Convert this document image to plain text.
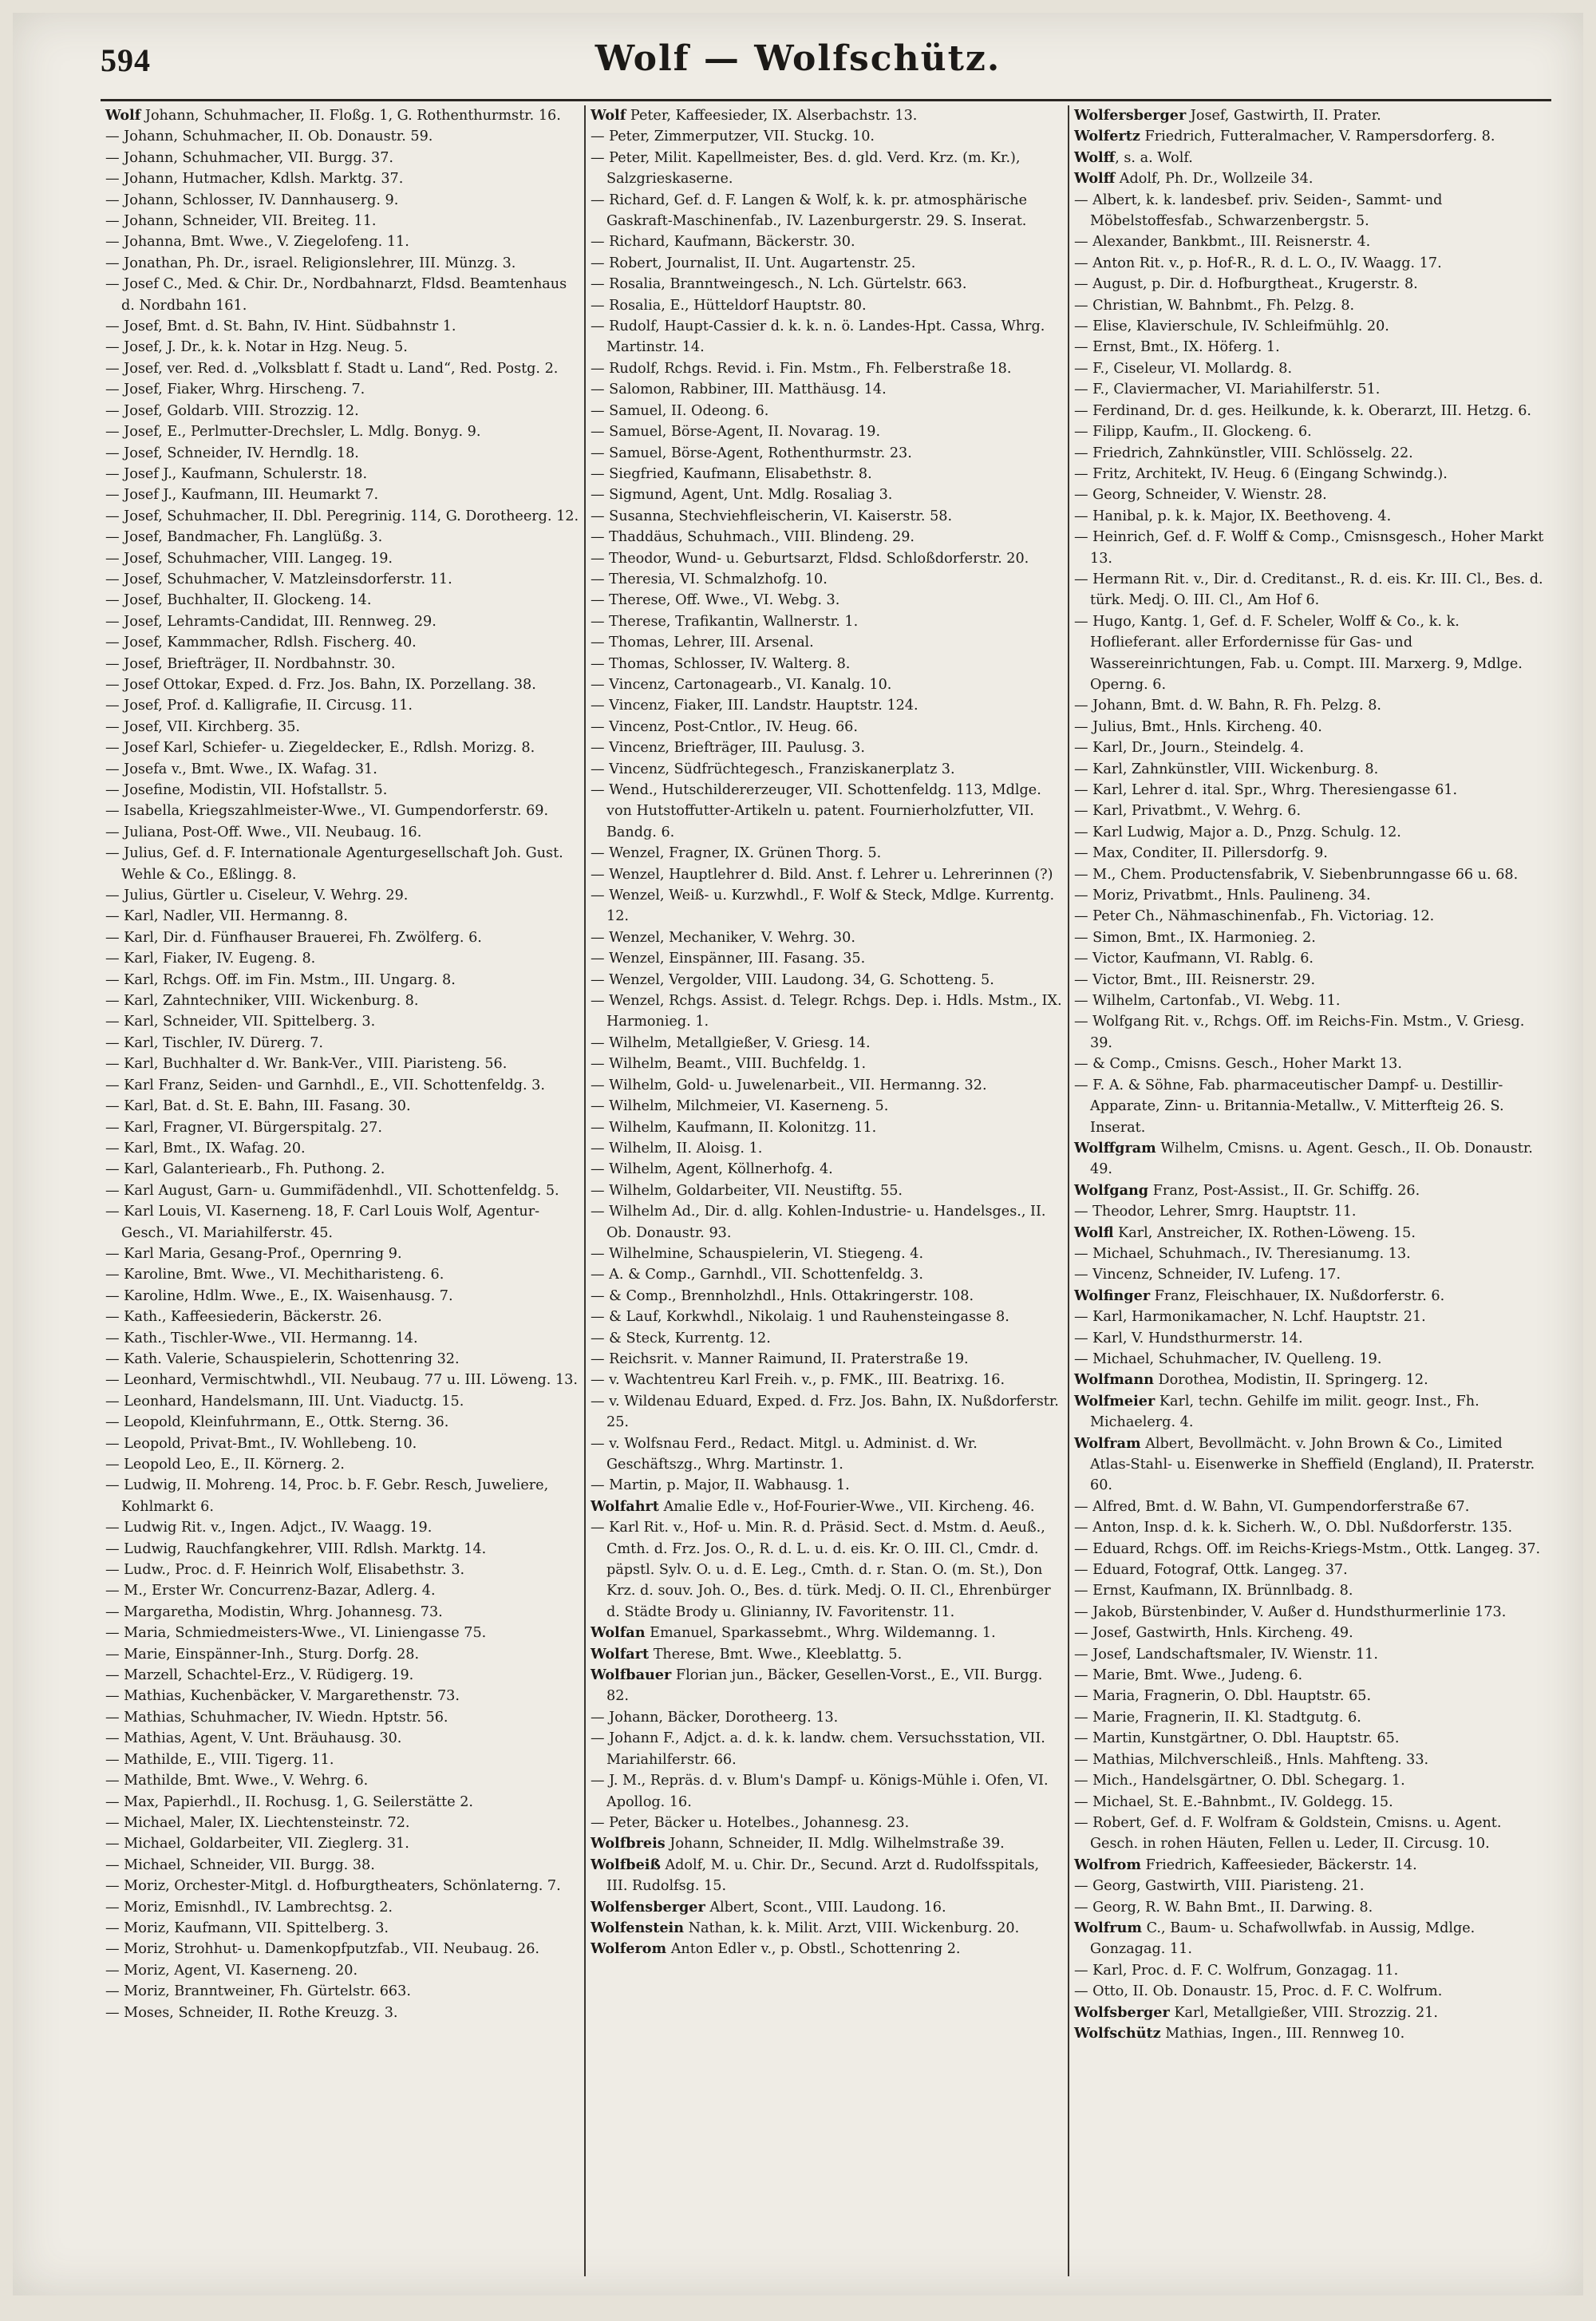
594	Wolf — Wolfschütz.
Wolf Johann, Schuhmacher, II. Floßg. 1, G. Rothenthurmstr. 16.
— Johann, Schuhmacher, II. Ob. Donaustr. 59.
— Johann, Schuhmacher, VII. Burgg. 37.
— Johann, Hutmacher, Kdlsh. Marktg. 37.
— Johann, Schlosser, IV. Dannhauserg. 9.
— Johann, Schneider, VII. Breiteg. 11.
— Johanna, Bmt. Wwe., V. Ziegelofeng. 11.
— Jonathan, Ph. Dr., israel. Religionslehrer, III. Münzg. 3.
— Josef C., Med. & Chir. Dr., Nordbahnarzt, Fldsd. Beamtenhaus d. Nordbahn 161.
— Josef, Bmt. d. St. Bahn, IV. Hint. Südbahnstr 1.
— Josef, J. Dr., k. k. Notar in Hzg. Neug. 5.
— Josef, ver. Red. d. „Volksblatt f. Stadt u. Land“, Red. Postg. 2.
— Josef, Fiaker, Whrg. Hirscheng. 7.
— Josef, Goldarb. VIII. Strozzig. 12.
— Josef, E., Perlmutter-Drechsler, L. Mdlg. Bonyg. 9.
— Josef, Schneider, IV. Herndlg. 18.
— Josef J., Kaufmann, Schulerstr. 18.
— Josef J., Kaufmann, III. Heumarkt 7.
— Josef, Schuhmacher, II. Dbl. Peregrinig. 114, G. Dorotheerg. 12.
— Josef, Bandmacher, Fh. Langlüßg. 3.
— Josef, Schuhmacher, VIII. Langeg. 19.
— Josef, Schuhmacher, V. Matzleinsdorferstr. 11.
— Josef, Buchhalter, II. Glockeng. 14.
— Josef, Lehramts-Candidat, III. Rennweg. 29.
— Josef, Kammmacher, Rdlsh. Fischerg. 40.
— Josef, Briefträger, II. Nordbahnstr. 30.
— Josef Ottokar, Exped. d. Frz. Jos. Bahn, IX. Porzellang. 38.
— Josef, Prof. d. Kalligrafie, II. Circusg. 11.
— Josef, VII. Kirchberg. 35.
— Josef Karl, Schiefer- u. Ziegeldecker, E., Rdlsh. Morizg. 8.
— Josefa v., Bmt. Wwe., IX. Wafag. 31.
— Josefine, Modistin, VII. Hofstallstr. 5.
— Isabella, Kriegszahlmeister-Wwe., VI. Gumpendorferstr. 69.
— Juliana, Post-Off. Wwe., VII. Neubaug. 16.
— Julius, Gef. d. F. Internationale Agenturgesellschaft Joh. Gust. Wehle & Co., Eßlingg. 8.
— Julius, Gürtler u. Ciseleur, V. Wehrg. 29.
— Karl, Nadler, VII. Hermanng. 8.
— Karl, Dir. d. Fünfhauser Brauerei, Fh. Zwölferg. 6.
— Karl, Fiaker, IV. Eugeng. 8.
— Karl, Rchgs. Off. im Fin. Mstm., III. Ungarg. 8.
— Karl, Zahntechniker, VIII. Wickenburg. 8.
— Karl, Schneider, VII. Spittelberg. 3.
— Karl, Tischler, IV. Dürerg. 7.
— Karl, Buchhalter d. Wr. Bank-Ver., VIII. Piaristeng. 56.
— Karl Franz, Seiden- und Garnhdl., E., VII. Schottenfeldg. 3.
— Karl, Bat. d. St. E. Bahn, III. Fasang. 30.
— Karl, Fragner, VI. Bürgerspitalg. 27.
— Karl, Bmt., IX. Wafag. 20.
— Karl, Galanteriearb., Fh. Puthong. 2.
— Karl August, Garn- u. Gummifädenhdl., VII. Schottenfeldg. 5.
— Karl Louis, VI. Kaserneng. 18, F. Carl Louis Wolf, Agentur-Gesch., VI. Mariahilferstr. 45.
— Karl Maria, Gesang-Prof., Opernring 9.
— Karoline, Bmt. Wwe., VI. Mechitharisteng. 6.
— Karoline, Hdlm. Wwe., E., IX. Waisenhausg. 7.
— Kath., Kaffeesiederin, Bäckerstr. 26.
— Kath., Tischler-Wwe., VII. Hermanng. 14.
— Kath. Valerie, Schauspielerin, Schottenring 32.
— Leonhard, Vermischtwhdl., VII. Neubaug. 77 u. III. Löweng. 13.
— Leonhard, Handelsmann, III. Unt. Viaductg. 15.
— Leopold, Kleinfuhrmann, E., Ottk. Sterng. 36.
— Leopold, Privat-Bmt., IV. Wohllebeng. 10.
— Leopold Leo, E., II. Körnerg. 2.
— Ludwig, II. Mohreng. 14, Proc. b. F. Gebr. Resch, Juweliere, Kohlmarkt 6.
— Ludwig Rit. v., Ingen. Adjct., IV. Waagg. 19.
— Ludwig, Rauchfangkehrer, VIII. Rdlsh. Marktg. 14.
— Ludw., Proc. d. F. Heinrich Wolf, Elisabethstr. 3.
— M., Erster Wr. Concurrenz-Bazar, Adlerg. 4.
— Margaretha, Modistin, Whrg. Johannesg. 73.
— Maria, Schmiedmeisters-Wwe., VI. Liniengasse 75.
— Marie, Einspänner-Inh., Sturg. Dorfg. 28.
— Marzell, Schachtel-Erz., V. Rüdigerg. 19.
— Mathias, Kuchenbäcker, V. Margarethenstr. 73.
— Mathias, Schuhmacher, IV. Wiedn. Hptstr. 56.
— Mathias, Agent, V. Unt. Bräuhausg. 30.
— Mathilde, E., VIII. Tigerg. 11.
— Mathilde, Bmt. Wwe., V. Wehrg. 6.
— Max, Papierhdl., II. Rochusg. 1, G. Seilerstätte 2.
— Michael, Maler, IX. Liechtensteinstr. 72.
— Michael, Goldarbeiter, VII. Zieglerg. 31.
— Michael, Schneider, VII. Burgg. 38.
— Moriz, Orchester-Mitgl. d. Hofburgtheaters, Schönlaterng. 7.
— Moriz, Emisnhdl., IV. Lambrechtsg. 2.
— Moriz, Kaufmann, VII. Spittelberg. 3.
— Moriz, Strohhut- u. Damenkopfputzfab., VII. Neubaug. 26.
— Moriz, Agent, VI. Kaserneng. 20.
— Moriz, Branntweiner, Fh. Gürtelstr. 663.
— Moses, Schneider, II. Rothe Kreuzg. 3.
Wolf Peter, Kaffeesieder, IX. Alserbachstr. 13.
— Peter, Zimmerputzer, VII. Stuckg. 10.
— Peter, Milit. Kapellmeister, Bes. d. gld. Verd. Krz. (m. Kr.), Salzgrieskaserne.
— Richard, Gef. d. F. Langen & Wolf, k. k. pr. atmosphärische Gaskraft-Maschinenfab., IV. Lazenburgerstr. 29. S. Inserat.
— Richard, Kaufmann, Bäckerstr. 30.
— Robert, Journalist, II. Unt. Augartenstr. 25.
— Rosalia, Branntweingesch., N. Lch. Gürtelstr. 663.
— Rosalia, E., Hütteldorf Hauptstr. 80.
— Rudolf, Haupt-Cassier d. k. k. n. ö. Landes-Hpt. Cassa, Whrg. Martinstr. 14.
— Rudolf, Rchgs. Revid. i. Fin. Mstm., Fh. Felberstraße 18.
— Salomon, Rabbiner, III. Matthäusg. 14.
— Samuel, II. Odeong. 6.
— Samuel, Börse-Agent, II. Novarag. 19.
— Samuel, Börse-Agent, Rothenthurmstr. 23.
— Siegfried, Kaufmann, Elisabethstr. 8.
— Sigmund, Agent, Unt. Mdlg. Rosaliag 3.
— Susanna, Stechviehfleischerin, VI. Kaiserstr. 58.
— Thaddäus, Schuhmach., VIII. Blindeng. 29.
— Theodor, Wund- u. Geburtsarzt, Fldsd. Schloßdorferstr. 20.
— Theresia, VI. Schmalzhofg. 10.
— Therese, Off. Wwe., VI. Webg. 3.
— Therese, Trafikantin, Wallnerstr. 1.
— Thomas, Lehrer, III. Arsenal.
— Thomas, Schlosser, IV. Walterg. 8.
— Vincenz, Cartonagearb., VI. Kanalg. 10.
— Vincenz, Fiaker, III. Landstr. Hauptstr. 124.
— Vincenz, Post-Cntlor., IV. Heug. 66.
— Vincenz, Briefträger, III. Paulusg. 3.
— Vincenz, Südfrüchtegesch., Franziskanerplatz 3.
— Wend., Hutschildererzeuger, VII. Schottenfeldg. 113, Mdlge. von Hutstoffutter-Artikeln u. patent. Fournierholzfutter, VII. Bandg. 6.
— Wenzel, Fragner, IX. Grünen Thorg. 5.
— Wenzel, Hauptlehrer d. Bild. Anst. f. Lehrer u. Lehrerinnen (?)
— Wenzel, Weiß- u. Kurzwhdl., F. Wolf & Steck, Mdlge. Kurrentg. 12.
— Wenzel, Mechaniker, V. Wehrg. 30.
— Wenzel, Einspänner, III. Fasang. 35.
— Wenzel, Vergolder, VIII. Laudong. 34, G. Schotteng. 5.
— Wenzel, Rchgs. Assist. d. Telegr. Rchgs. Dep. i. Hdls. Mstm., IX. Harmonieg. 1.
— Wilhelm, Metallgießer, V. Griesg. 14.
— Wilhelm, Beamt., VIII. Buchfeldg. 1.
— Wilhelm, Gold- u. Juwelenarbeit., VII. Hermanng. 32.
— Wilhelm, Milchmeier, VI. Kaserneng. 5.
— Wilhelm, Kaufmann, II. Kolonitzg. 11.
— Wilhelm, II. Aloisg. 1.
— Wilhelm, Agent, Köllnerhofg. 4.
— Wilhelm, Goldarbeiter, VII. Neustiftg. 55.
— Wilhelm Ad., Dir. d. allg. Kohlen-Industrie- u. Handelsges., II. Ob. Donaustr. 93.
— Wilhelmine, Schauspielerin, VI. Stiegeng. 4.
— A. & Comp., Garnhdl., VII. Schottenfeldg. 3.
— & Comp., Brennholzhdl., Hnls. Ottakringerstr. 108.
— & Lauf, Korkwhdl., Nikolaig. 1 und Rauhensteingasse 8.
— & Steck, Kurrentg. 12.
— Reichsrit. v. Manner Raimund, II. Praterstraße 19.
— v. Wachtentreu Karl Freih. v., p. FMK., III. Beatrixg. 16.
— v. Wildenau Eduard, Exped. d. Frz. Jos. Bahn, IX. Nußdorferstr. 25.
— v. Wolfsnau Ferd., Redact. Mitgl. u. Administ. d. Wr. Geschäftszg., Whrg. Martinstr. 1.
— Martin, p. Major, II. Wabhausg. 1.
Wolfahrt Amalie Edle v., Hof-Fourier-Wwe., VII. Kircheng. 46.
— Karl Rit. v., Hof- u. Min. R. d. Präsid. Sect. d. Mstm. d. Aeuß., Cmth. d. Frz. Jos. O., R. d. L. u. d. eis. Kr. O. III. Cl., Cmdr. d. päpstl. Sylv. O. u. d. E. Leg., Cmth. d. r. Stan. O. (m. St.), Don Krz. d. souv. Joh. O., Bes. d. türk. Medj. O. II. Cl., Ehrenbürger d. Städte Brody u. Glinianny, IV. Favoritenstr. 11.
Wolfan Emanuel, Sparkassebmt., Whrg. Wildemanng. 1.
Wolfart Therese, Bmt. Wwe., Kleeblattg. 5.
Wolfbauer Florian jun., Bäcker, Gesellen-Vorst., E., VII. Burgg. 82.
— Johann, Bäcker, Dorotheerg. 13.
— Johann F., Adjct. a. d. k. k. landw. chem. Versuchsstation, VII. Mariahilferstr. 66.
— J. M., Repräs. d. v. Blum's Dampf- u. Königs-Mühle i. Ofen, VI. Apollog. 16.
— Peter, Bäcker u. Hotelbes., Johannesg. 23.
Wolfbreis Johann, Schneider, II. Mdlg. Wilhelmstraße 39.
Wolfbeiß Adolf, M. u. Chir. Dr., Secund. Arzt d. Rudolfsspitals, III. Rudolfsg. 15.
Wolfensberger Albert, Scont., VIII. Laudong. 16.
Wolfenstein Nathan, k. k. Milit. Arzt, VIII. Wickenburg. 20.
Wolferom Anton Edler v., p. Obstl., Schottenring 2.
Wolfersberger Josef, Gastwirth, II. Prater.
Wolfertz Friedrich, Futteralmacher, V. Rampersdorferg. 8.
Wolff, s. a. Wolf.
Wolff Adolf, Ph. Dr., Wollzeile 34.
— Albert, k. k. landesbef. priv. Seiden-, Sammt- und Möbelstoffesfab., Schwarzenbergstr. 5.
— Alexander, Bankbmt., III. Reisnerstr. 4.
— Anton Rit. v., p. Hof-R., R. d. L. O., IV. Waagg. 17.
— August, p. Dir. d. Hofburgtheat., Krugerstr. 8.
— Christian, W. Bahnbmt., Fh. Pelzg. 8.
— Elise, Klavierschule, IV. Schleifmühlg. 20.
— Ernst, Bmt., IX. Höferg. 1.
— F., Ciseleur, VI. Mollardg. 8.
— F., Claviermacher, VI. Mariahilferstr. 51.
— Ferdinand, Dr. d. ges. Heilkunde, k. k. Oberarzt, III. Hetzg. 6.
— Filipp, Kaufm., II. Glockeng. 6.
— Friedrich, Zahnkünstler, VIII. Schlösselg. 22.
— Fritz, Architekt, IV. Heug. 6 (Eingang Schwindg.).
— Georg, Schneider, V. Wienstr. 28.
— Hanibal, p. k. k. Major, IX. Beethoveng. 4.
— Heinrich, Gef. d. F. Wolff & Comp., Cmisnsgesch., Hoher Markt 13.
— Hermann Rit. v., Dir. d. Creditanst., R. d. eis. Kr. III. Cl., Bes. d. türk. Medj. O. III. Cl., Am Hof 6.
— Hugo, Kantg. 1, Gef. d. F. Scheler, Wolff & Co., k. k. Hoflieferant. aller Erfordernisse für Gas- und Wassereinrichtungen, Fab. u. Compt. III. Marxerg. 9, Mdlge. Operng. 6.
— Johann, Bmt. d. W. Bahn, R. Fh. Pelzg. 8.
— Julius, Bmt., Hnls. Kircheng. 40.
— Karl, Dr., Journ., Steindelg. 4.
— Karl, Zahnkünstler, VIII. Wickenburg. 8.
— Karl, Lehrer d. ital. Spr., Whrg. Theresiengasse 61.
— Karl, Privatbmt., V. Wehrg. 6.
— Karl Ludwig, Major a. D., Pnzg. Schulg. 12.
— Max, Conditer, II. Pillersdorfg. 9.
— M., Chem. Productensfabrik, V. Siebenbrunngasse 66 u. 68.
— Moriz, Privatbmt., Hnls. Paulineng. 34.
— Peter Ch., Nähmaschinenfab., Fh. Victoriag. 12.
— Simon, Bmt., IX. Harmonieg. 2.
— Victor, Kaufmann, VI. Rablg. 6.
— Victor, Bmt., III. Reisnerstr. 29.
— Wilhelm, Cartonfab., VI. Webg. 11.
— Wolfgang Rit. v., Rchgs. Off. im Reichs-Fin. Mstm., V. Griesg. 39.
— & Comp., Cmisns. Gesch., Hoher Markt 13.
— F. A. & Söhne, Fab. pharmaceutischer Dampf- u. Destillir-Apparate, Zinn- u. Britannia-Metallw., V. Mitterfteig 26. S. Inserat.
Wolffgram Wilhelm, Cmisns. u. Agent. Gesch., II. Ob. Donaustr. 49.
Wolfgang Franz, Post-Assist., II. Gr. Schiffg. 26.
— Theodor, Lehrer, Smrg. Hauptstr. 11.
Wolfl Karl, Anstreicher, IX. Rothen-Löweng. 15.
— Michael, Schuhmach., IV. Theresianumg. 13.
— Vincenz, Schneider, IV. Lufeng. 17.
Wolfinger Franz, Fleischhauer, IX. Nußdorferstr. 6.
— Karl, Harmonikamacher, N. Lchf. Hauptstr. 21.
— Karl, V. Hundsthurmerstr. 14.
— Michael, Schuhmacher, IV. Quelleng. 19.
Wolfmann Dorothea, Modistin, II. Springerg. 12.
Wolfmeier Karl, techn. Gehilfe im milit. geogr. Inst., Fh. Michaelerg. 4.
Wolfram Albert, Bevollmächt. v. John Brown & Co., Limited Atlas-Stahl- u. Eisenwerke in Sheffield (England), II. Praterstr. 60.
— Alfred, Bmt. d. W. Bahn, VI. Gumpendorferstraße 67.
— Anton, Insp. d. k. k. Sicherh. W., O. Dbl. Nußdorferstr. 135.
— Eduard, Rchgs. Off. im Reichs-Kriegs-Mstm., Ottk. Langeg. 37.
— Eduard, Fotograf, Ottk. Langeg. 37.
— Ernst, Kaufmann, IX. Brünnlbadg. 8.
— Jakob, Bürstenbinder, V. Außer d. Hundsthurmerlinie 173.
— Josef, Gastwirth, Hnls. Kircheng. 49.
— Josef, Landschaftsmaler, IV. Wienstr. 11.
— Marie, Bmt. Wwe., Judeng. 6.
— Maria, Fragnerin, O. Dbl. Hauptstr. 65.
— Marie, Fragnerin, II. Kl. Stadtgutg. 6.
— Martin, Kunstgärtner, O. Dbl. Hauptstr. 65.
— Mathias, Milchverschleiß., Hnls. Mahfteng. 33.
— Mich., Handelsgärtner, O. Dbl. Schegarg. 1.
— Michael, St. E.-Bahnbmt., IV. Goldegg. 15.
— Robert, Gef. d. F. Wolfram & Goldstein, Cmisns. u. Agent. Gesch. in rohen Häuten, Fellen u. Leder, II. Circusg. 10.
Wolfrom Friedrich, Kaffeesieder, Bäckerstr. 14.
— Georg, Gastwirth, VIII. Piaristeng. 21.
— Georg, R. W. Bahn Bmt., II. Darwing. 8.
Wolfrum C., Baum- u. Schafwollwfab. in Aussig, Mdlge. Gonzagag. 11.
— Karl, Proc. d. F. C. Wolfrum, Gonzagag. 11.
— Otto, II. Ob. Donaustr. 15, Proc. d. F. C. Wolfrum.
Wolfsberger Karl, Metallgießer, VIII. Strozzig. 21.
Wolfschütz Mathias, Ingen., III. Rennweg 10.
